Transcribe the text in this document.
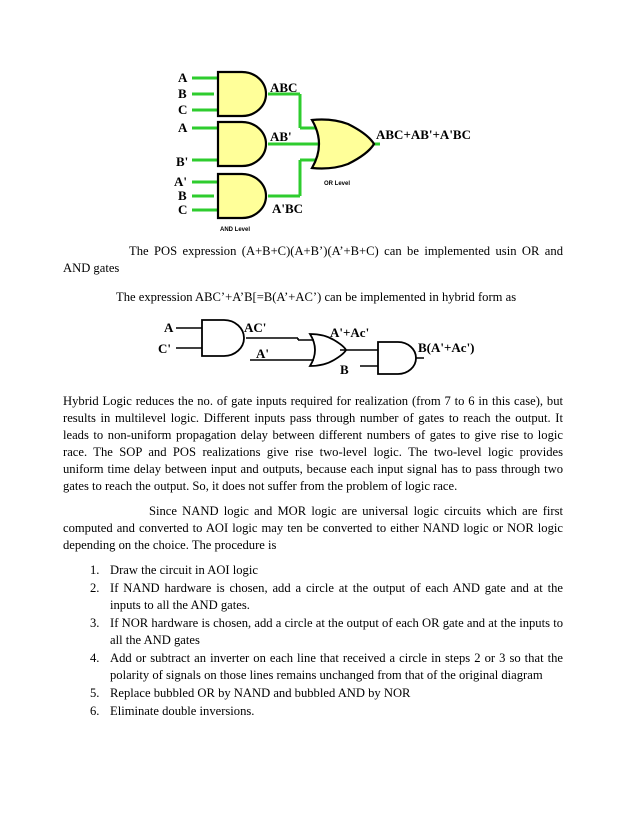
A
B
C
A
B'
A'
B
C
ABC
AB'
A'BC
ABC+AB'+A'BC
OR Level
AND Level
The POS expression (A+B+C)(A+B’)(A’+B+C) can be implemented usin OR and AND gates
The expression ABC’+A’B[=B(A’+AC’) can be implemented in hybrid form as
A
C'
AC'
A'
A'+Ac'
B
B(A'+Ac')
Hybrid Logic reduces the no. of gate inputs required for realization (from 7 to 6 in this case), but results in multilevel logic. Different inputs pass through number of gates to reach the output. It leads to non-uniform propagation delay between different numbers of gates to give rise to logic race. The SOP and POS realizations give rise two-level logic. The two-level logic provides uniform time delay between input and outputs, because each input signal has to pass through two gates to reach the output. So, it does not suffer from the problem of logic race.
Since NAND logic and MOR logic are universal logic circuits which are first computed and converted to AOI logic may ten be converted to either NAND logic or NOR logic depending on the choice. The procedure is
1. Draw the circuit in AOI logic
2. If NAND hardware is chosen, add a circle at the output of each AND gate and at the inputs to all the AND gates.
3. If NOR hardware is chosen, add a circle at the output of each OR gate and at the inputs to all the AND gates
4. Add or subtract an inverter on each line that received a circle in steps 2 or 3 so that the polarity of signals on those lines remains unchanged from that of the original diagram
5. Replace bubbled OR by NAND and bubbled AND by NOR
6. Eliminate double inversions.
